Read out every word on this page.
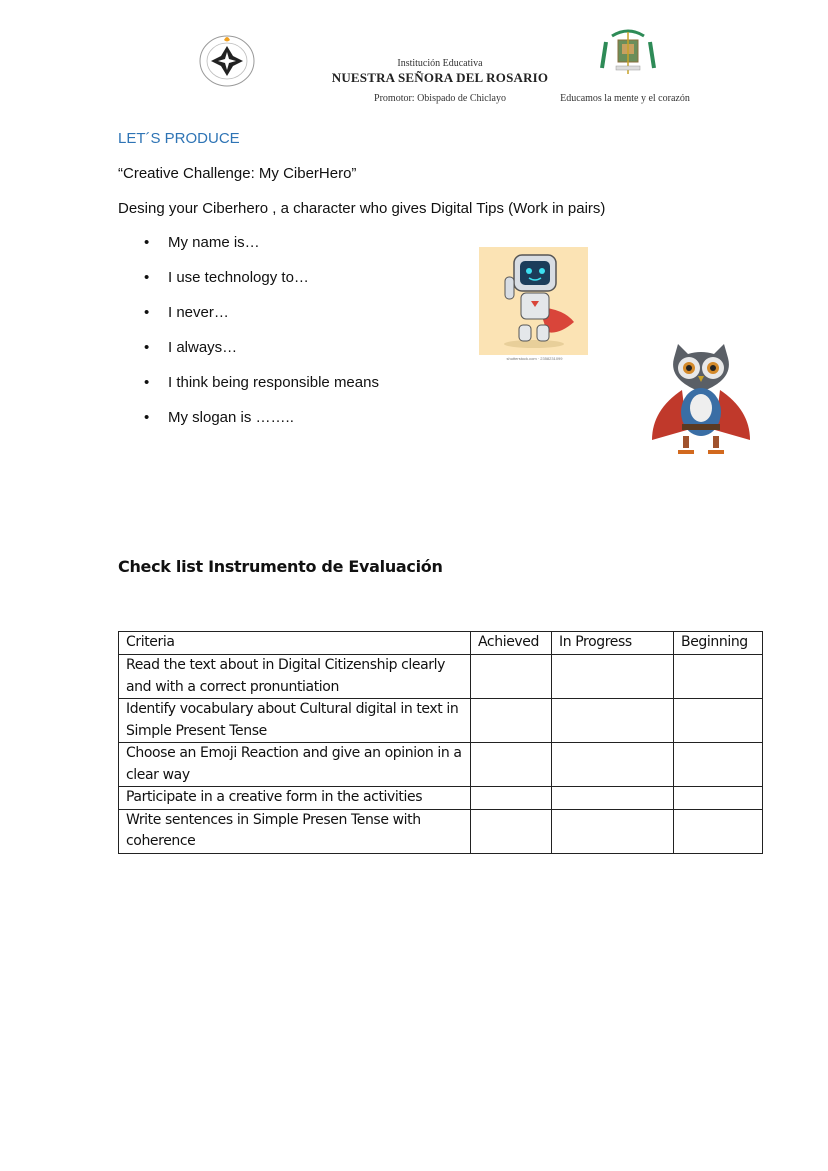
Institución Educativa
NUESTRA SEÑORA DEL ROSARIO
Promotor: Obispado de Chiclayo	Educamos la mente y el corazón
LET´S PRODUCE
“Creative Challenge: My CiberHero”
Desing your Ciberhero , a character who gives Digital Tips (Work in pairs)
• My name is…
• I use technology to…
• I never…
• I always…
• I think being responsible means
• My slogan is ……..
shutterstock.com · 2358231099
Check list Instrumento de Evaluación
Criteria	Achieved	In Progress	Beginning
Read the text about in Digital Citizenship clearly and with a correct pronuntiation			
Identify vocabulary about Cultural digital in text in Simple Present Tense			
Choose an Emoji Reaction and give an opinion in a clear way			
Participate in a creative form in the activities			
Write sentences in Simple Presen Tense with coherence			
